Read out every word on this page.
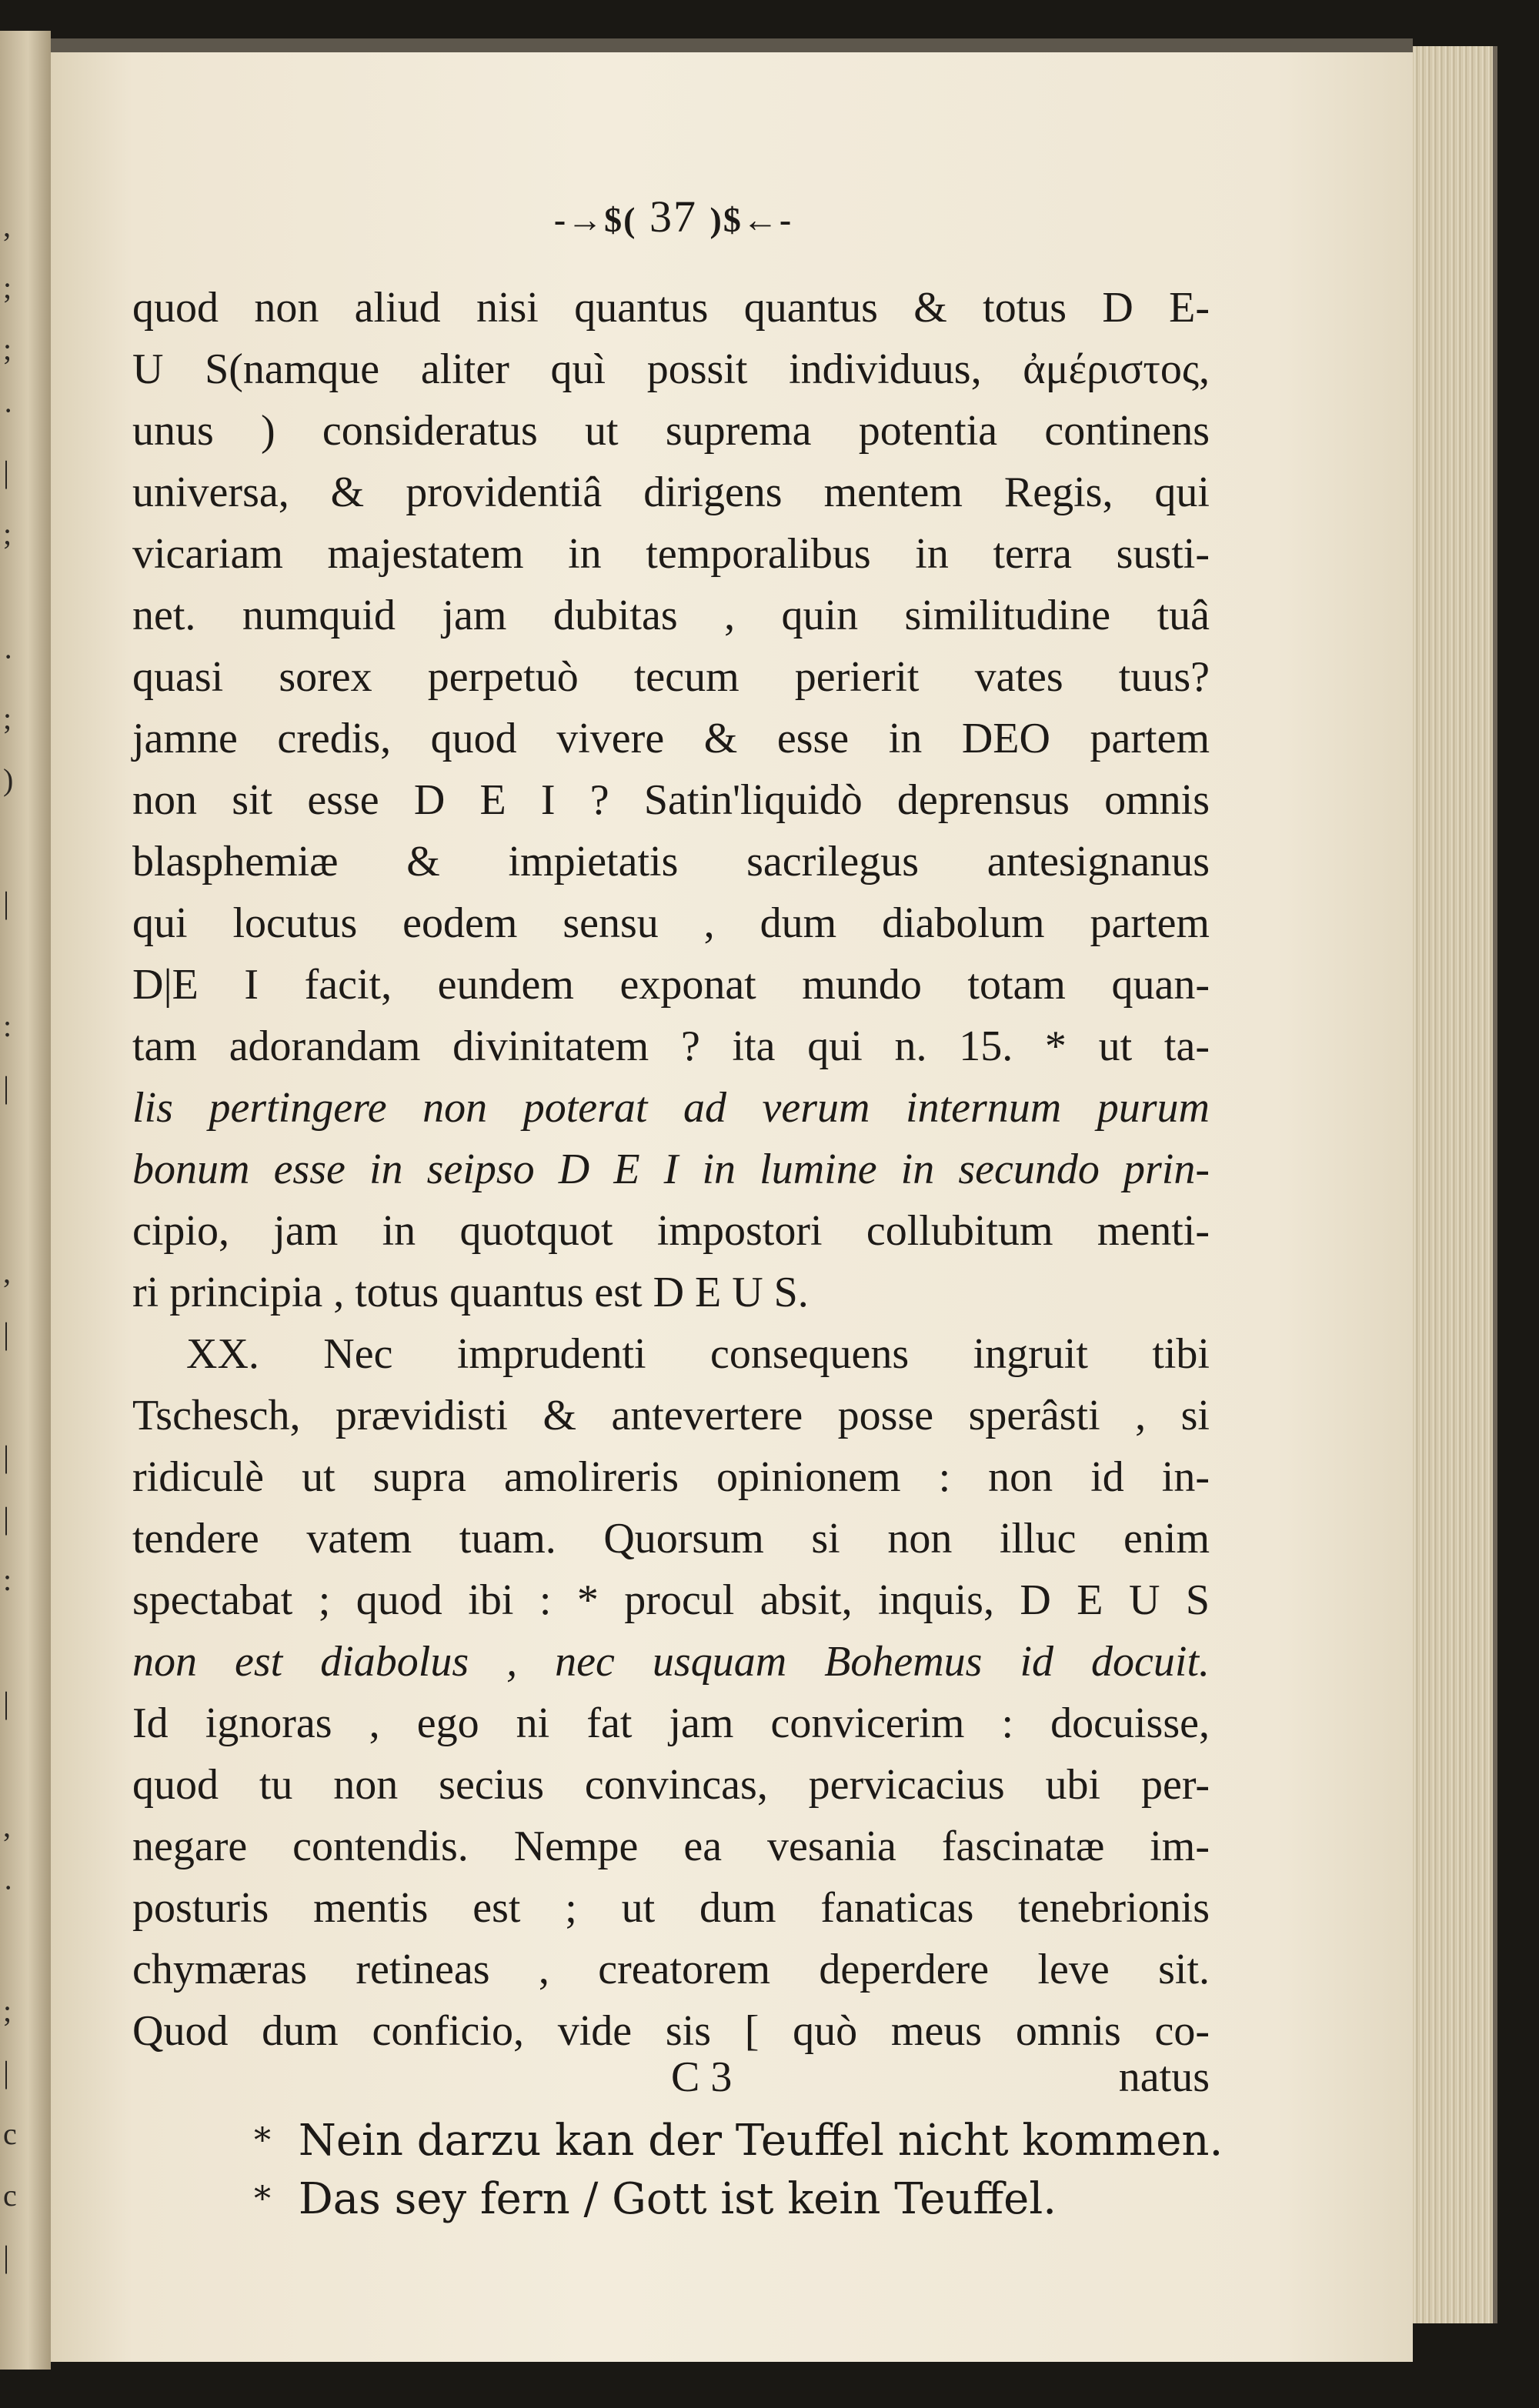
,
;
;
·
|
;
·
;
)
|
:
|
,
|
|
|
:
|
,
·
;
|
c
c
|
-→$( 37 )$←-
quod non aliud nisi quantus quantus & totus D E-
U S(namque aliter quì possit individuus, ἀμέριστος,
unus ) consideratus ut suprema potentia continens
universa, & providentiâ dirigens mentem Regis, qui
vicariam majestatem in temporalibus in terra susti-
net. numquid jam dubitas , quin similitudine tuâ
quasi sorex perpetuò tecum perierit vates tuus?
jamne credis, quod vivere & esse in DEO partem
non sit esse D E I ? Satin'liquidò deprensus omnis
blasphemiæ & impietatis sacrilegus antesignanus
qui locutus eodem sensu , dum diabolum partem
D|E I facit, eundem exponat mundo totam quan-
tam adorandam divinitatem ? ita qui n. 15. * ut ta-
lis pertingere non poterat ad verum internum purum
bonum esse in seipso D E I in lumine in secundo prin-
cipio, jam in quotquot impostori collubitum menti-
ri principia , totus quantus est D E U S.
XX. Nec imprudenti consequens ingruit tibi
Tschesch, prævidisti & antevertere posse sperâsti , si
ridiculè ut supra amolireris opinionem : non id in-
tendere vatem tuam. Quorsum si non illuc enim
spectabat ; quod ibi : * procul absit, inquis, D E U S
non est diabolus , nec usquam Bohemus id docuit.
Id ignoras , ego ni fat jam convicerim : docuisse,
quod tu non secius convincas, pervicacius ubi per-
negare contendis. Nempe ea vesania fascinatæ im-
posturis mentis est ; ut dum fanaticas tenebrionis
chymæras retineas , creatorem deperdere leve sit.
Quod dum conficio, vide sis [ quò meus omnis co-
C 3	natus
* Nein darzu kan der Teuffel nicht kommen.
* Das sey fern / Gott ist kein Teuffel.
